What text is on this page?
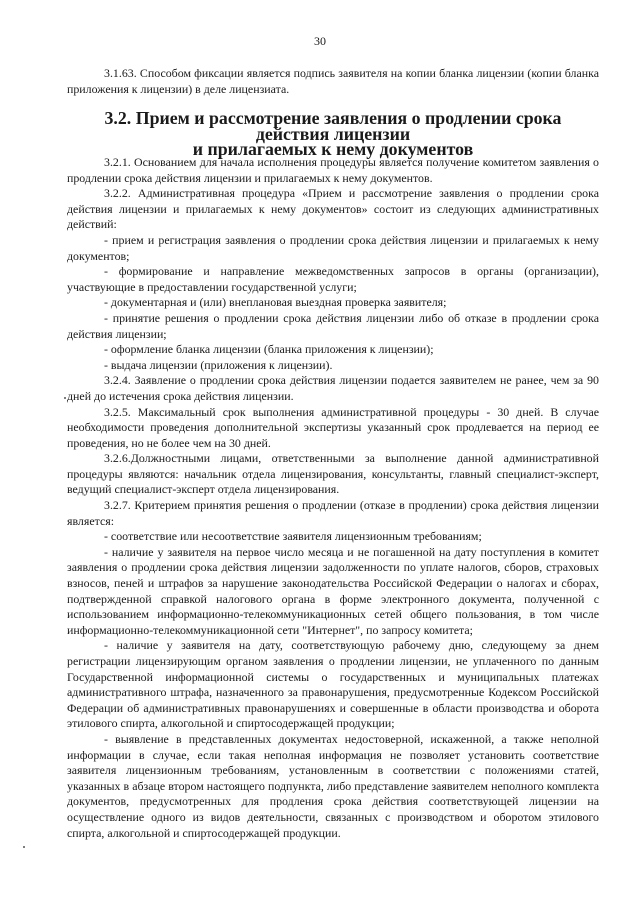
30

3.1.63. Способом фиксации является подпись заявителя на копии бланка лицензии (копии бланка приложения к лицензии) в деле лицензиата.

3.2. Прием и рассмотрение заявления о продлении срока действия лицензии
и прилагаемых к нему документов

3.2.1. Основанием для начала исполнения процедуры является получение комитетом заявления о продлении срока действия лицензии и прилагаемых к нему документов.

3.2.2. Административная процедура «Прием и рассмотрение заявления о продлении срока действия лицензии и прилагаемых к нему документов» состоит из следующих административных действий:

- прием и регистрация заявления о продлении срока действия лицензии и прилагаемых к нему документов;

- формирование и направление межведомственных запросов в органы (организации), участвующие в предоставлении государственной услуги;

- документарная и (или) внеплановая выездная проверка заявителя;

- принятие решения о продлении срока действия лицензии либо об отказе в продлении срока действия лицензии;

- оформление бланка лицензии (бланка приложения к лицензии);

- выдача лицензии (приложения к лицензии).

3.2.4. Заявление о продлении срока действия лицензии подается заявителем не ранее, чем за 90 дней до истечения срока действия лицензии.

3.2.5. Максимальный срок выполнения административной процедуры - 30 дней. В случае необходимости проведения дополнительной экспертизы указанный срок продлевается на период ее проведения, но не более чем на 30 дней.

3.2.6.Должностными лицами, ответственными за выполнение данной административной процедуры являются: начальник отдела лицензирования, консультанты, главный специалист-эксперт, ведущий специалист-эксперт отдела лицензирования.

3.2.7. Критерием принятия решения о продлении (отказе в продлении) срока действия лицензии является:

- соответствие или несоответствие заявителя лицензионным требованиям;

- наличие у заявителя на первое число месяца и не погашенной на дату поступления в комитет заявления о продлении срока действия лицензии задолженности по уплате налогов, сборов, страховых взносов, пеней и штрафов за нарушение законодательства Российской Федерации о налогах и сборах, подтвержденной справкой налогового органа в форме электронного документа, полученной с использованием информационно-телекоммуникационных сетей общего пользования, в том числе информационно-телекоммуникационной сети "Интернет", по запросу комитета;

- наличие у заявителя на дату, соответствующую рабочему дню, следующему за днем регистрации лицензирующим органом заявления о продлении лицензии, не уплаченного по данным Государственной информационной системы о государственных и муниципальных платежах административного штрафа, назначенного за правонарушения, предусмотренные Кодексом Российской Федерации об административных правонарушениях и совершенные в области производства и оборота этилового спирта, алкогольной и спиртосодержащей продукции;

- выявление в представленных документах недостоверной, искаженной, а также неполной информации в случае, если такая неполная информация не позволяет установить соответствие заявителя лицензионным требованиям, установленным в соответствии с положениями статей, указанных в абзаце втором настоящего подпункта, либо представление заявителем неполного комплекта документов, предусмотренных для продления срока действия соответствующей лицензии на осуществление одного из видов деятельности, связанных с производством и оборотом этилового спирта, алкогольной и спиртосодержащей продукции.
